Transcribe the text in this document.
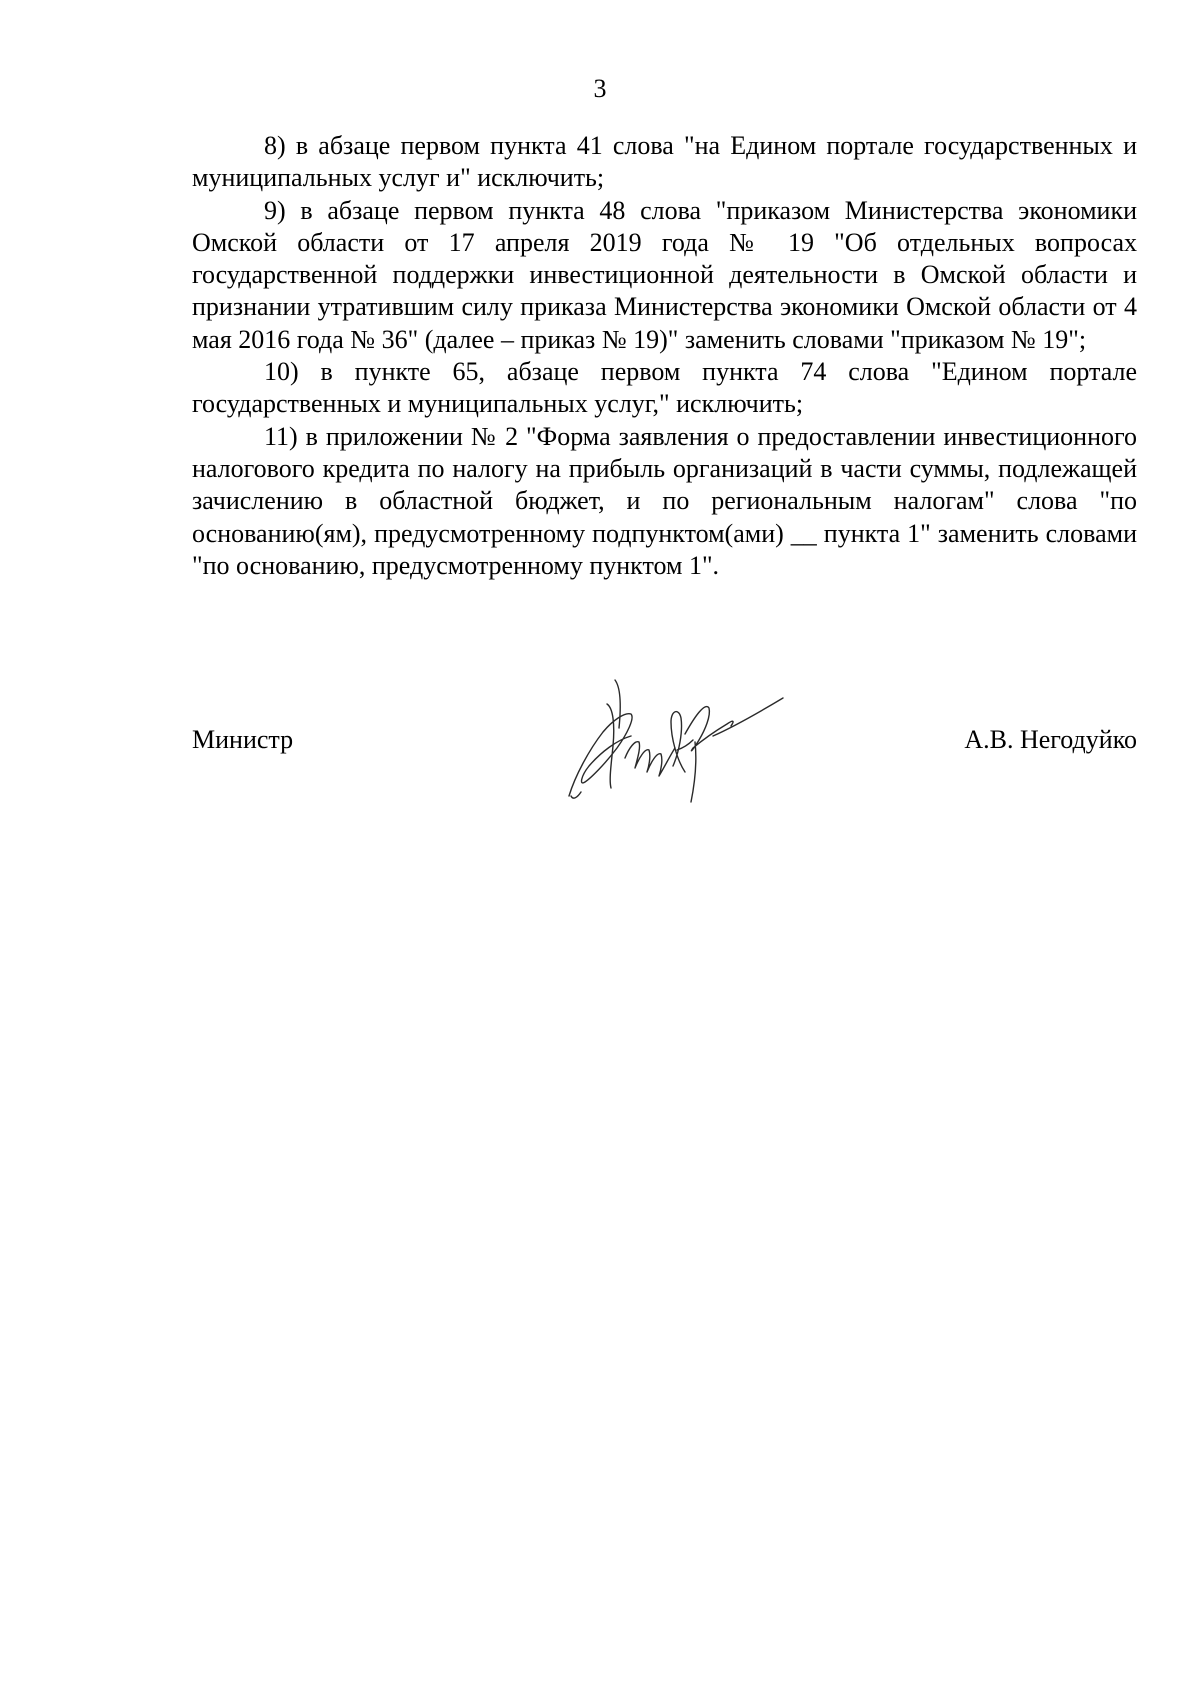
3

8) в абзаце первом пункта 41 слова "на Едином портале государственных и муниципальных услуг и" исключить;

9) в абзаце первом пункта 48 слова "приказом Министерства экономики Омской области от 17 апреля 2019 года № 19 "Об отдельных вопросах государственной поддержки инвестиционной деятельности в Омской области и признании утратившим силу приказа Министерства экономики Омской области от 4 мая 2016 года № 36" (далее – приказ № 19)" заменить словами "приказом № 19";

10) в пункте 65, абзаце первом пункта 74 слова "Едином портале государственных и муниципальных услуг," исключить;

11) в приложении № 2 "Форма заявления о предоставлении инвестиционного налогового кредита по налогу на прибыль организаций в части суммы, подлежащей зачислению в областной бюджет, и по региональным налогам" слова "по основанию(ям), предусмотренному подпунктом(ами) __ пункта 1" заменить словами "по основанию, предусмотренному пунктом 1".

Министр	А.В. Негодуйко
